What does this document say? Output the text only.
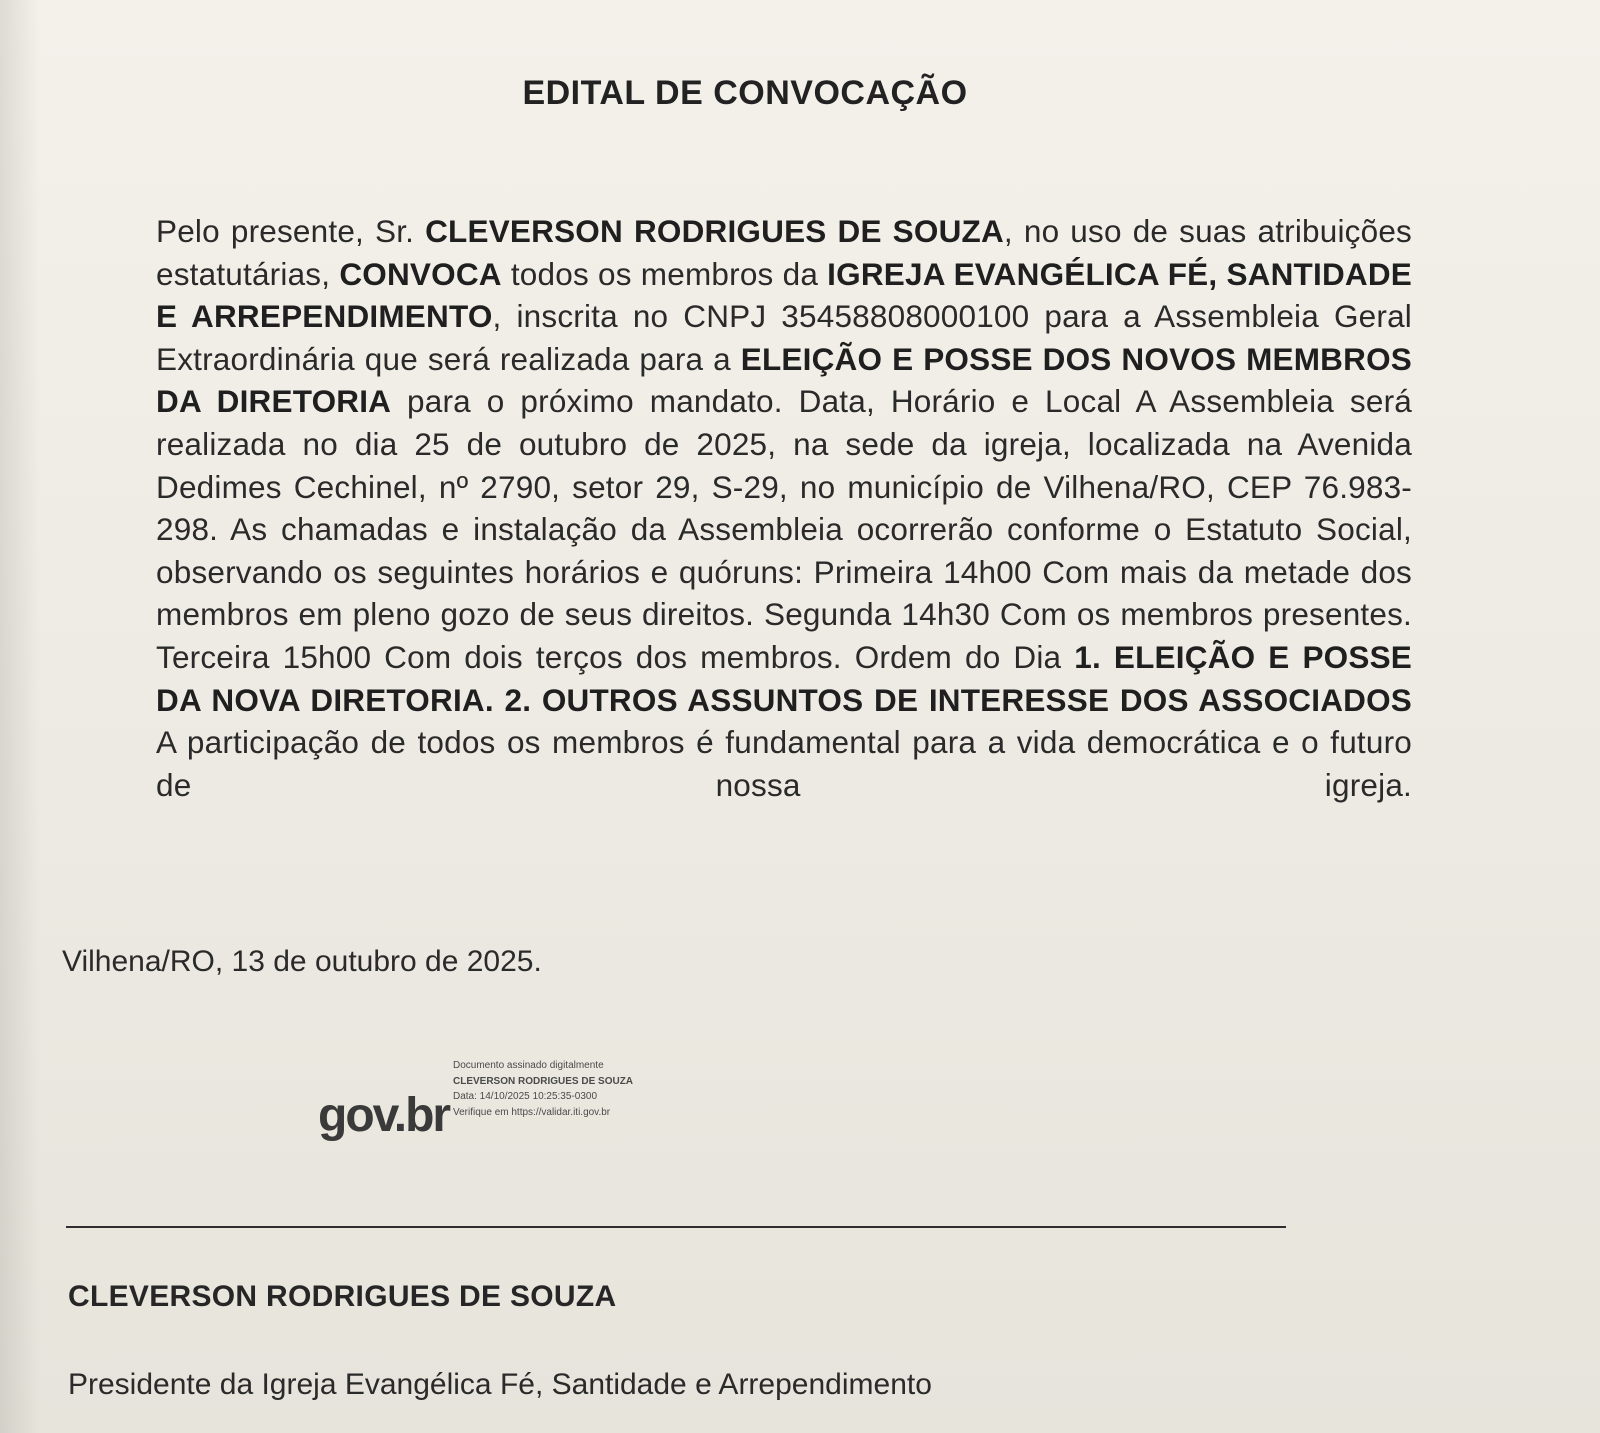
EDITAL DE CONVOCAÇÃO
Pelo presente, Sr. CLEVERSON RODRIGUES DE SOUZA, no uso de suas atribuições estatutárias, CONVOCA todos os membros da IGREJA EVANGÉLICA FÉ, SANTIDADE E ARREPENDIMENTO, inscrita no CNPJ 35458808000100 para a Assembleia Geral Extraordinária que será realizada para a ELEIÇÃO E POSSE DOS NOVOS MEMBROS DA DIRETORIA para o próximo mandato. Data, Horário e Local A Assembleia será realizada no dia 25 de outubro de 2025, na sede da igreja, localizada na Avenida Dedimes Cechinel, nº 2790, setor 29, S-29, no município de Vilhena/RO, CEP 76.983-298. As chamadas e instalação da Assembleia ocorrerão conforme o Estatuto Social, observando os seguintes horários e quóruns: Primeira 14h00 Com mais da metade dos membros em pleno gozo de seus direitos. Segunda 14h30 Com os membros presentes. Terceira 15h00 Com dois terços dos membros. Ordem do Dia 1. ELEIÇÃO E POSSE DA NOVA DIRETORIA. 2. OUTROS ASSUNTOS DE INTERESSE DOS ASSOCIADOS A participação de todos os membros é fundamental para a vida democrática e o futuro de nossa igreja.
Vilhena/RO, 13 de outubro de 2025.
gov.br
Documento assinado digitalmente
CLEVERSON RODRIGUES DE SOUZA
Data: 14/10/2025 10:25:35-0300
Verifique em https://validar.iti.gov.br
CLEVERSON RODRIGUES DE SOUZA
Presidente da Igreja Evangélica Fé, Santidade e Arrependimento
